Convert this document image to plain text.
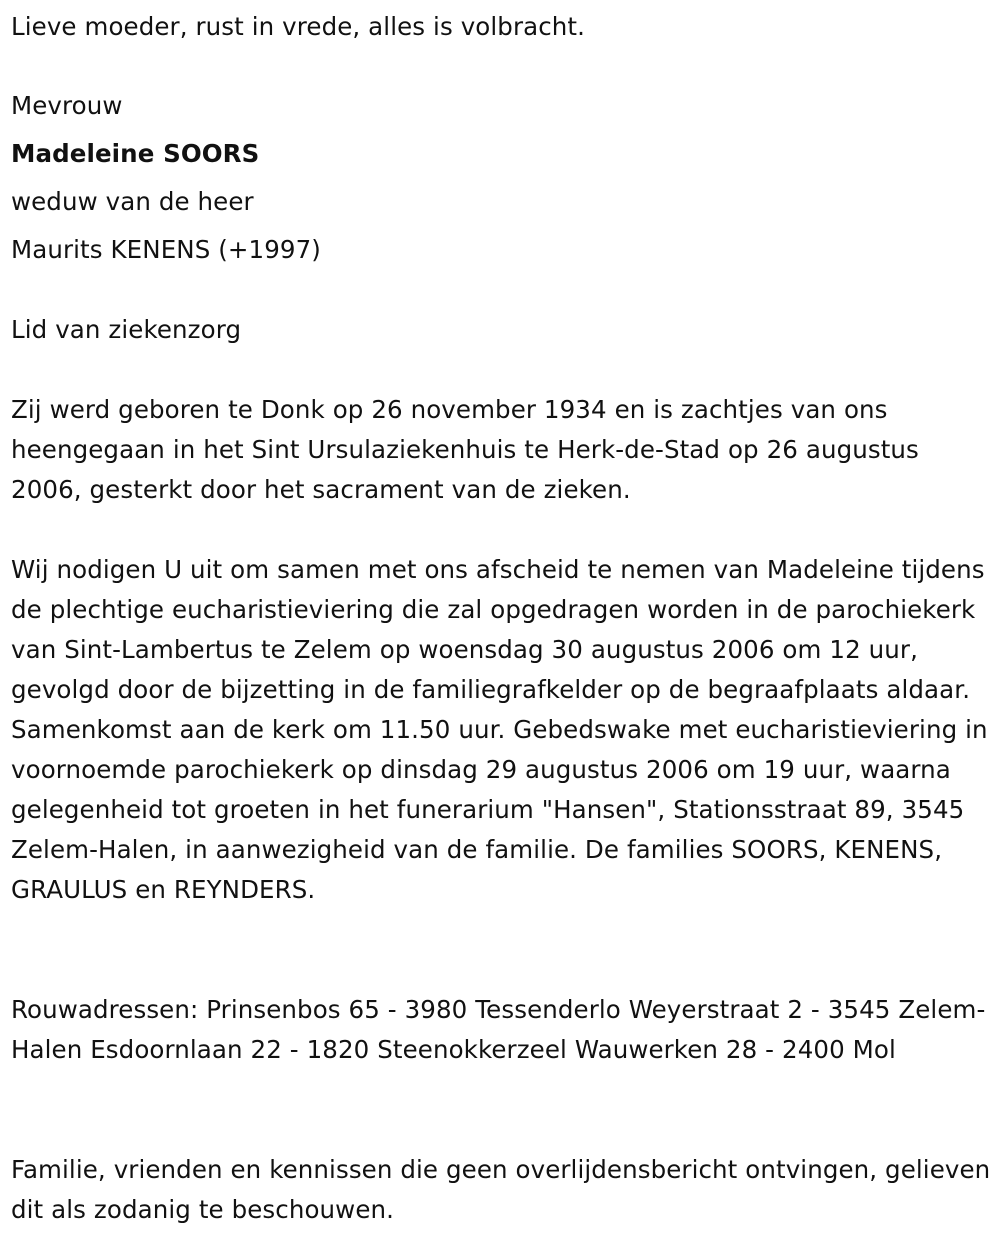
Lieve moeder, rust in vrede, alles is volbracht.
Mevrouw
Madeleine SOORS
weduw van de heer
Maurits KENENS (+1997)
Lid van ziekenzorg

Zij werd geboren te Donk op 26 november 1934 en is zachtjes van ons heengegaan in het Sint Ursulaziekenhuis te Herk-de-Stad op 26 augustus 2006, gesterkt door het sacrament van de zieken.

Wij nodigen U uit om samen met ons afscheid te nemen van Madeleine tijdens de plechtige eucharistieviering die zal opgedragen worden in de parochiekerk van Sint-Lambertus te Zelem op woensdag 30 augustus 2006 om 12 uur, gevolgd door de bijzetting in de familiegrafkelder op de begraafplaats aldaar. Samenkomst aan de kerk om 11.50 uur. Gebedswake met eucharistieviering in voornoemde parochiekerk op dinsdag 29 augustus 2006 om 19 uur, waarna gelegenheid tot groeten in het funerarium "Hansen", Stationsstraat 89, 3545 Zelem-Halen, in aanwezigheid van de familie. De families SOORS, KENENS, GRAULUS en REYNDERS.

Rouwadressen: Prinsenbos 65 - 3980 Tessenderlo Weyerstraat 2 - 3545 Zelem-Halen Esdoornlaan 22 - 1820 Steenokkerzeel Wauwerken 28 - 2400 Mol

Familie, vrienden en kennissen die geen overlijdensbericht ontvingen, gelieven dit als zodanig te beschouwen.
